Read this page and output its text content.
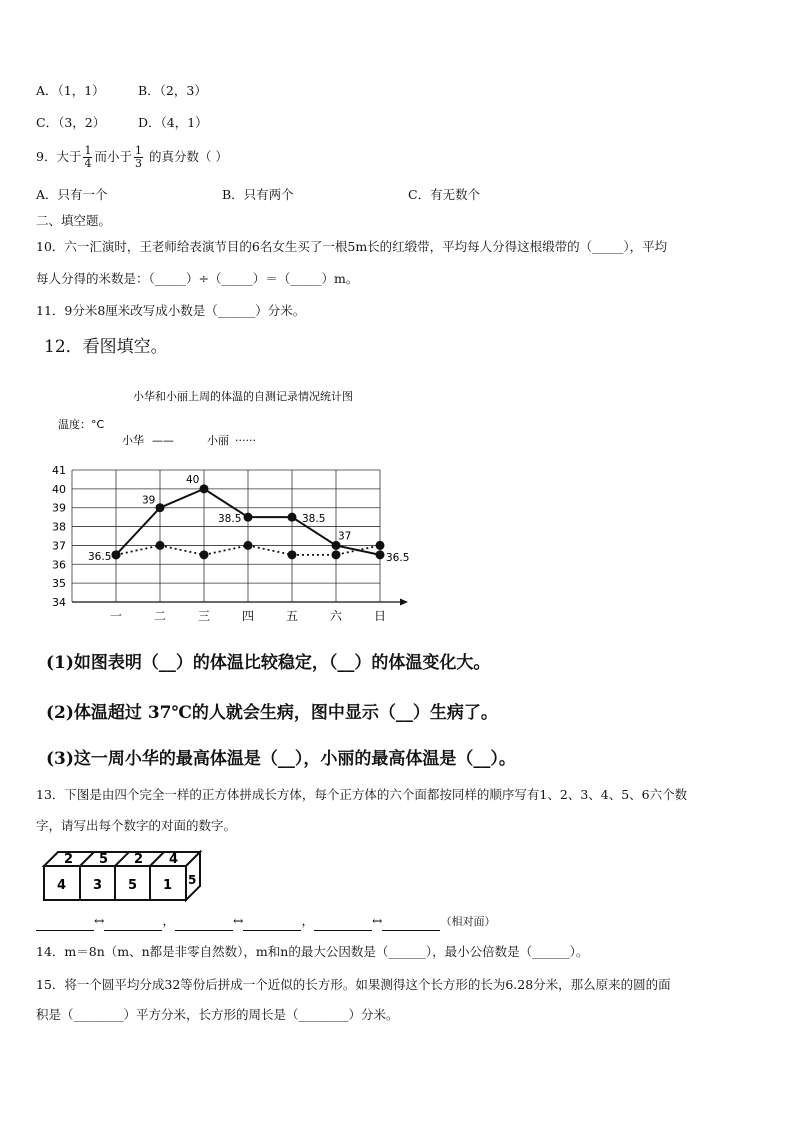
A．（1，1）	B．（2，3）
C．（3，2）	D．（4，1）
9．大于 $\frac{1}{4}$ 而小于 $\frac{1}{3}$ 的真分数（ ）
A．只有一个	B．只有两个	C．有无数个
二、填空题。
10．六一汇演时，王老师给表演节目的6名女生买了一根5m长的红缎带，平均每人分得这根缎带的（_____），平均
每人分得的米数是：（_____）÷（_____）＝（_____）m。
11．9分米8厘米改写成小数是（______）分米。
12．看图填空。
小华和小丽上周的体温的自测记录情况统计图
温度：°C
小华 ——	小丽 ······
34
35
36
37
38
39
40
41
一	二	三	四	五	六	日
36.5
39
40
38.5	38.5
37
36.5
(1)如图表明（__）的体温比较稳定，（__）的体温变化大。
(2)体温超过 37℃的人就会生病，图中显示（__）生病了。
(3)这一周小华的最高体温是（__），小丽的最高体温是（__）。
13．下图是由四个完全一样的正方体拼成长方体，每个正方体的六个面都按同样的顺序写有1、2、3、4、5、6六个数
字，请写出每个数字的对面的数字。
2 5 2 4
4 3 5 1 5
↔	，	↔	，	↔	（相对面）
14．m＝8n（m、n都是非零自然数），m和n的最大公因数是（______），最小公倍数是（______）。
15．将一个圆平均分成32等份后拼成一个近似的长方形。如果测得这个长方形的长为6.28分米，那么原来的圆的面
积是（________）平方分米，长方形的周长是（________）分米。
